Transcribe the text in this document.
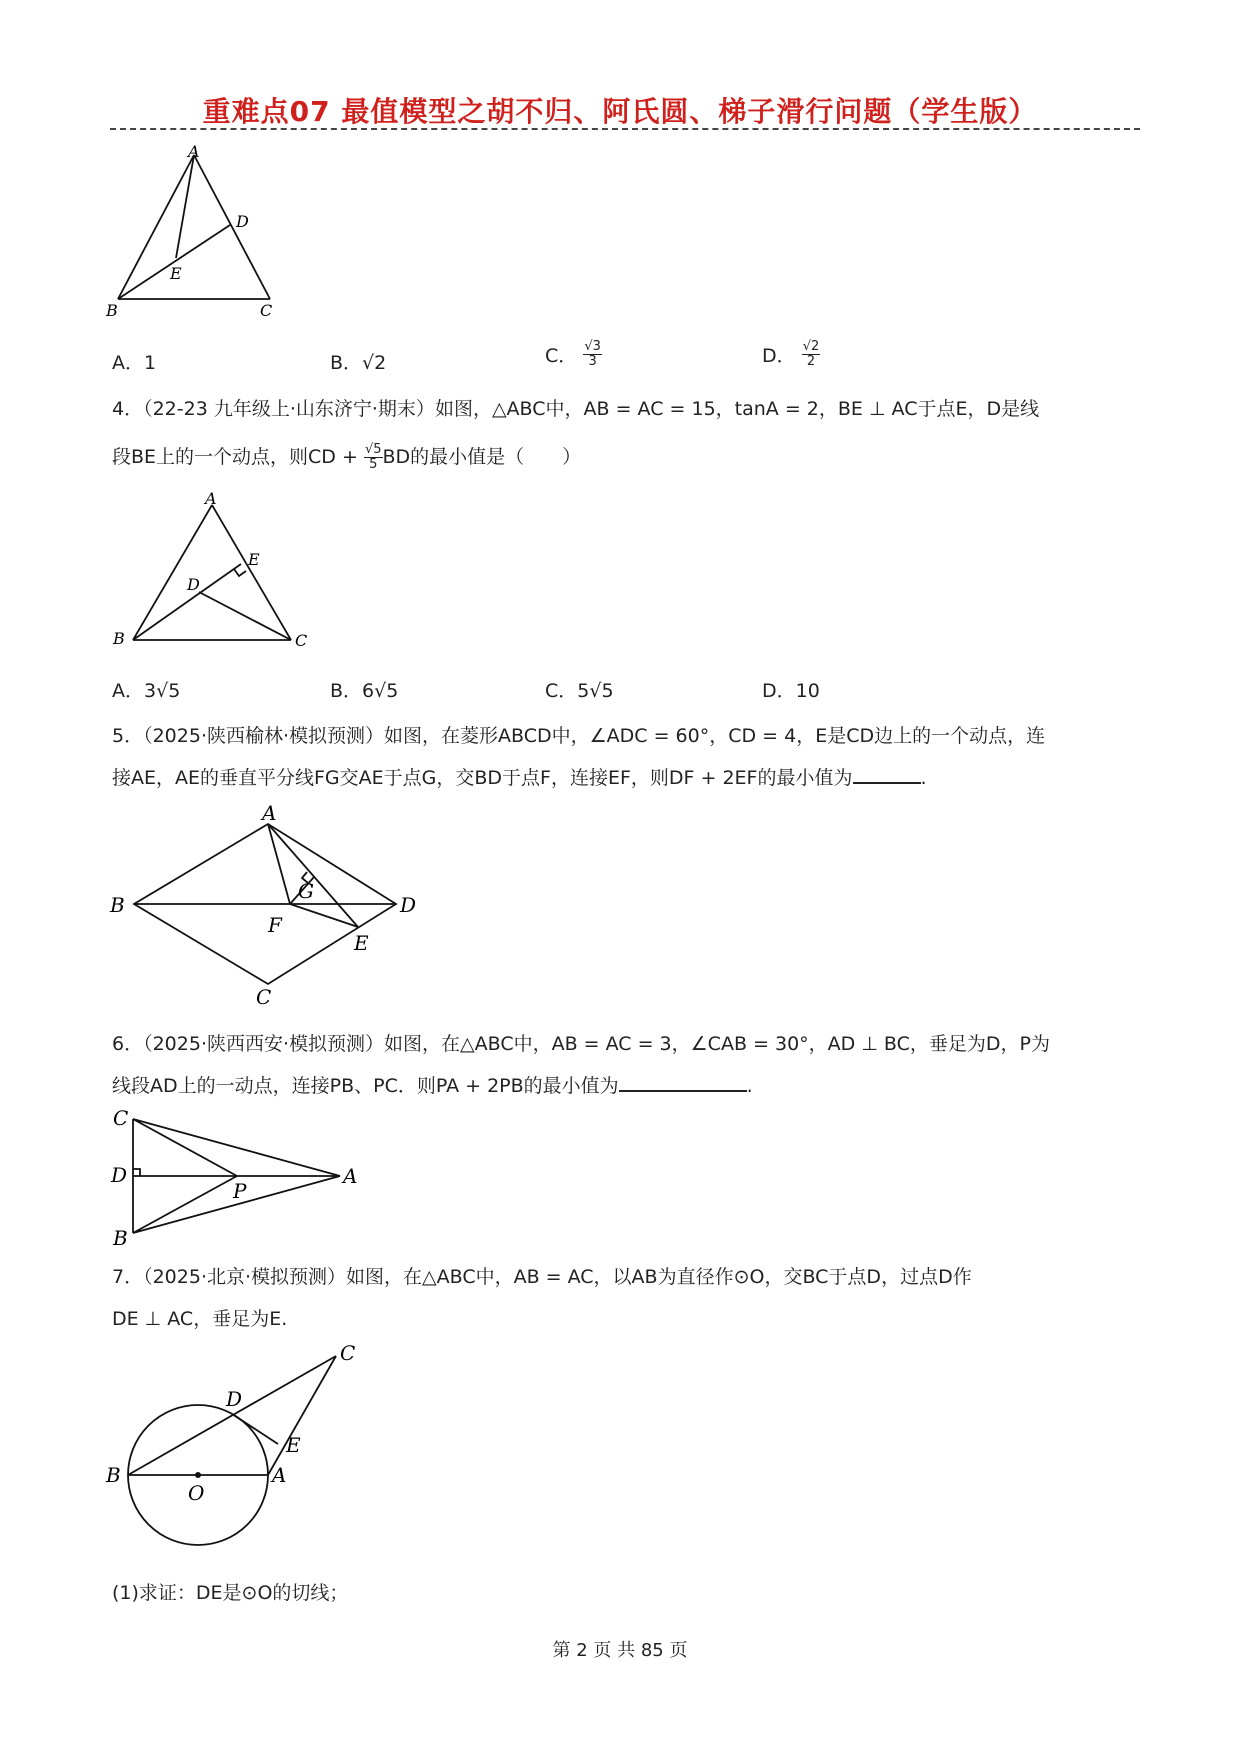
重难点07 最值模型之胡不归、阿氏圆、梯子滑行问题（学生版）
A
B	C
D
E
A．1	B．√2	C． $\frac{√3}{3}$	D． $\frac{√2}{2}$
4．（22-23 九年级上·山东济宁·期末）如图，△ABC中，AB = AC = 15，tanA = 2，BE ⊥ AC于点E，D是线
段BE上的一个动点，则CD + $\frac{√5}{5}$ BD的最小值是（　　）
A
B	C
D
E
A．3√5	B．6√5	C．5√5	D．10
5．（2025·陕西榆林·模拟预测）如图，在菱形ABCD中，∠ADC = 60°，CD = 4，E是CD边上的一个动点，连
接AE，AE的垂直平分线FG交AE于点G，交BD于点F，连接EF，则DF + 2EF的最小值为	.
A
B
C
D
E
F
G
6．（2025·陕西西安·模拟预测）如图，在△ABC中，AB = AC = 3，∠CAB = 30°，AD ⊥ BC，垂足为D，P为
线段AD上的一动点，连接PB、PC．则PA + 2PB的最小值为	.
C
D
B
A
P
7．（2025·北京·模拟预测）如图，在△ABC中，AB = AC，以AB为直径作⊙O，交BC于点D，过点D作
DE ⊥ AC，垂足为E.
C
D
E
B	A
O
(1)求证：DE是⊙O的切线；
第 2 页 共 85 页
